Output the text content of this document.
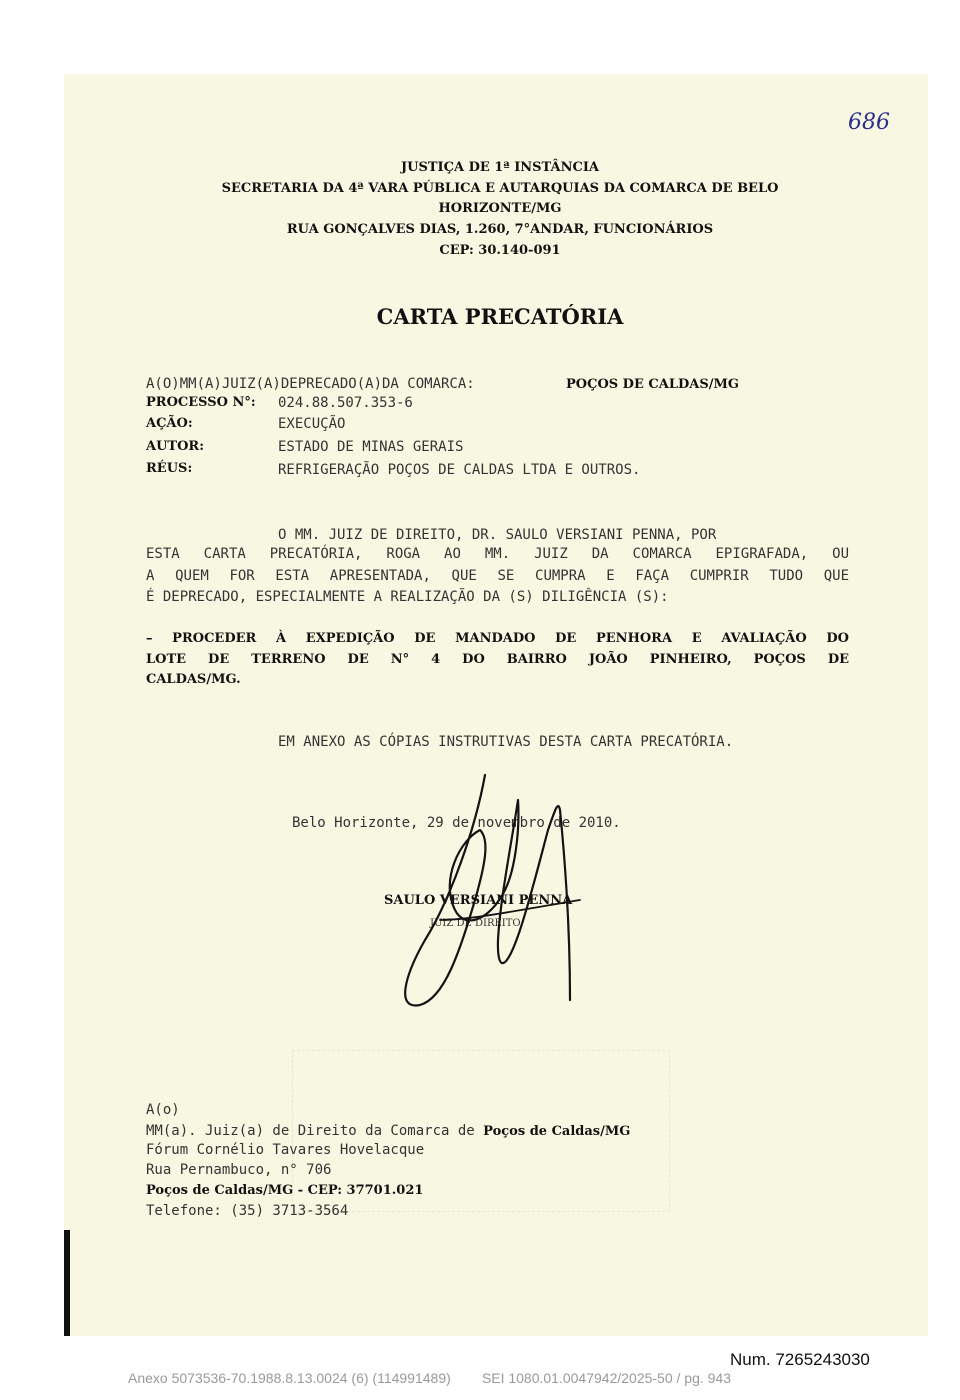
686
JUSTIÇA DE 1ª INSTÂNCIA
SECRETARIA DA 4ª VARA PÚBLICA E AUTARQUIAS DA COMARCA DE BELO
HORIZONTE/MG
RUA GONÇALVES DIAS, 1.260, 7°ANDAR, FUNCIONÁRIOS
CEP: 30.140-091
CARTA PRECATÓRIA
A(O)MM(A)JUIZ(A)DEPRECADO(A)DA COMARCA:	POÇOS DE CALDAS/MG
PROCESSO N°: 024.88.507.353-6
AÇÃO:	EXECUÇÃO
AUTOR:	ESTADO DE MINAS GERAIS
RÉUS:	REFRIGERAÇÃO POÇOS DE CALDAS LTDA E OUTROS.
O MM. JUIZ DE DIREITO, DR. SAULO VERSIANI PENNA, POR
ESTA CARTA PRECATÓRIA, ROGA AO MM. JUIZ DA COMARCA EPIGRAFADA, OU
A QUEM FOR ESTA APRESENTADA, QUE SE CUMPRA E FAÇA CUMPRIR TUDO QUE
É DEPRECADO, ESPECIALMENTE A REALIZAÇÃO DA (S) DILIGÊNCIA (S):
– PROCEDER À EXPEDIÇÃO DE MANDADO DE PENHORA E AVALIAÇÃO DO
LOTE DE TERRENO DE N° 4 DO BAIRRO JOÃO PINHEIRO, POÇOS DE
CALDAS/MG.
EM ANEXO AS CÓPIAS INSTRUTIVAS DESTA CARTA PRECATÓRIA.
Belo Horizonte, 29 de novembro de 2010.
SAULO VERSIANI PENNA
JUIZ DE DIREITO
A(o)
MM(a). Juiz(a) de Direito da Comarca de Poços de Caldas/MG
Fórum Cornélio Tavares Hovelacque
Rua Pernambuco, n° 706
Poços de Caldas/MG - CEP: 37701.021
Telefone: (35) 3713-3564
Num. 7265243030
Anexo 5073536-70.1988.8.13.0024 (6) (114991489)        SEI 1080.01.0047942/2025-50 / pg. 943
